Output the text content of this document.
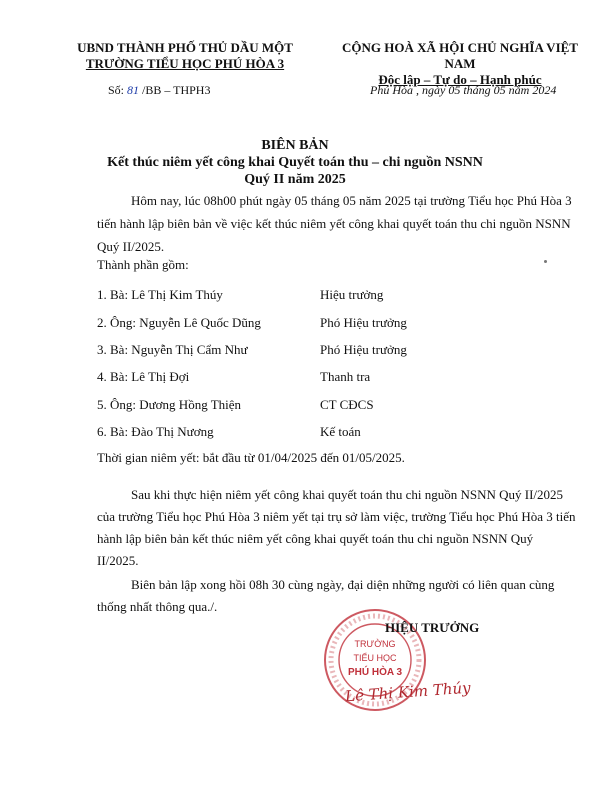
UBND THÀNH PHỐ THỦ DẦU MỘT
TRƯỜNG TIỂU HỌC PHÚ HÒA 3
CỘNG HOÀ XÃ HỘI CHỦ NGHĨA VIỆT NAM
Độc lập – Tự do – Hạnh phúc
Số: 81 /BB – THPH3	Phú Hòa , ngày 05 tháng 05 năm 2024
BIÊN BẢN
Kết thúc niêm yết công khai Quyết toán thu – chi nguồn NSNN
Quý II năm 2025
Hôm nay, lúc 08h00 phút ngày 05 tháng 05 năm 2025 tại trường Tiểu học Phú Hòa 3 tiến hành lập biên bản về việc kết thúc niêm yết công khai quyết toán thu chi nguồn NSNN Quý II/2025.
Thành phần gồm:
1. Bà: Lê Thị Kim Thúy	Hiệu trưởng
2. Ông: Nguyễn Lê Quốc Dũng	Phó Hiệu trưởng
3. Bà: Nguyễn Thị Cẩm Như	Phó Hiệu trưởng
4. Bà: Lê Thị Đợi	Thanh tra
5. Ông: Dương Hồng Thiện	CT CĐCS
6. Bà: Đào Thị Nương	Kế toán
Thời gian niêm yết: bắt đầu từ 01/04/2025 đến 01/05/2025.
Sau khi thực hiện niêm yết công khai quyết toán thu chi nguồn NSNN Quý II/2025 của trường Tiểu học Phú Hòa 3 niêm yết tại trụ sở làm việc, trường Tiểu học Phú Hòa 3 tiến hành lập biên bản kết thúc niêm yết công khai quyết toán thu chi nguồn NSNN Quý II/2025.
Biên bản lập xong hồi 08h 30 cùng ngày, đại diện những người có liên quan cùng thống nhất thông qua./.
TRƯỜNG
TIỂU HỌC
PHÚ HÒA 3
HIỆU TRƯỞNG
Lê Thị Kim Thúy
